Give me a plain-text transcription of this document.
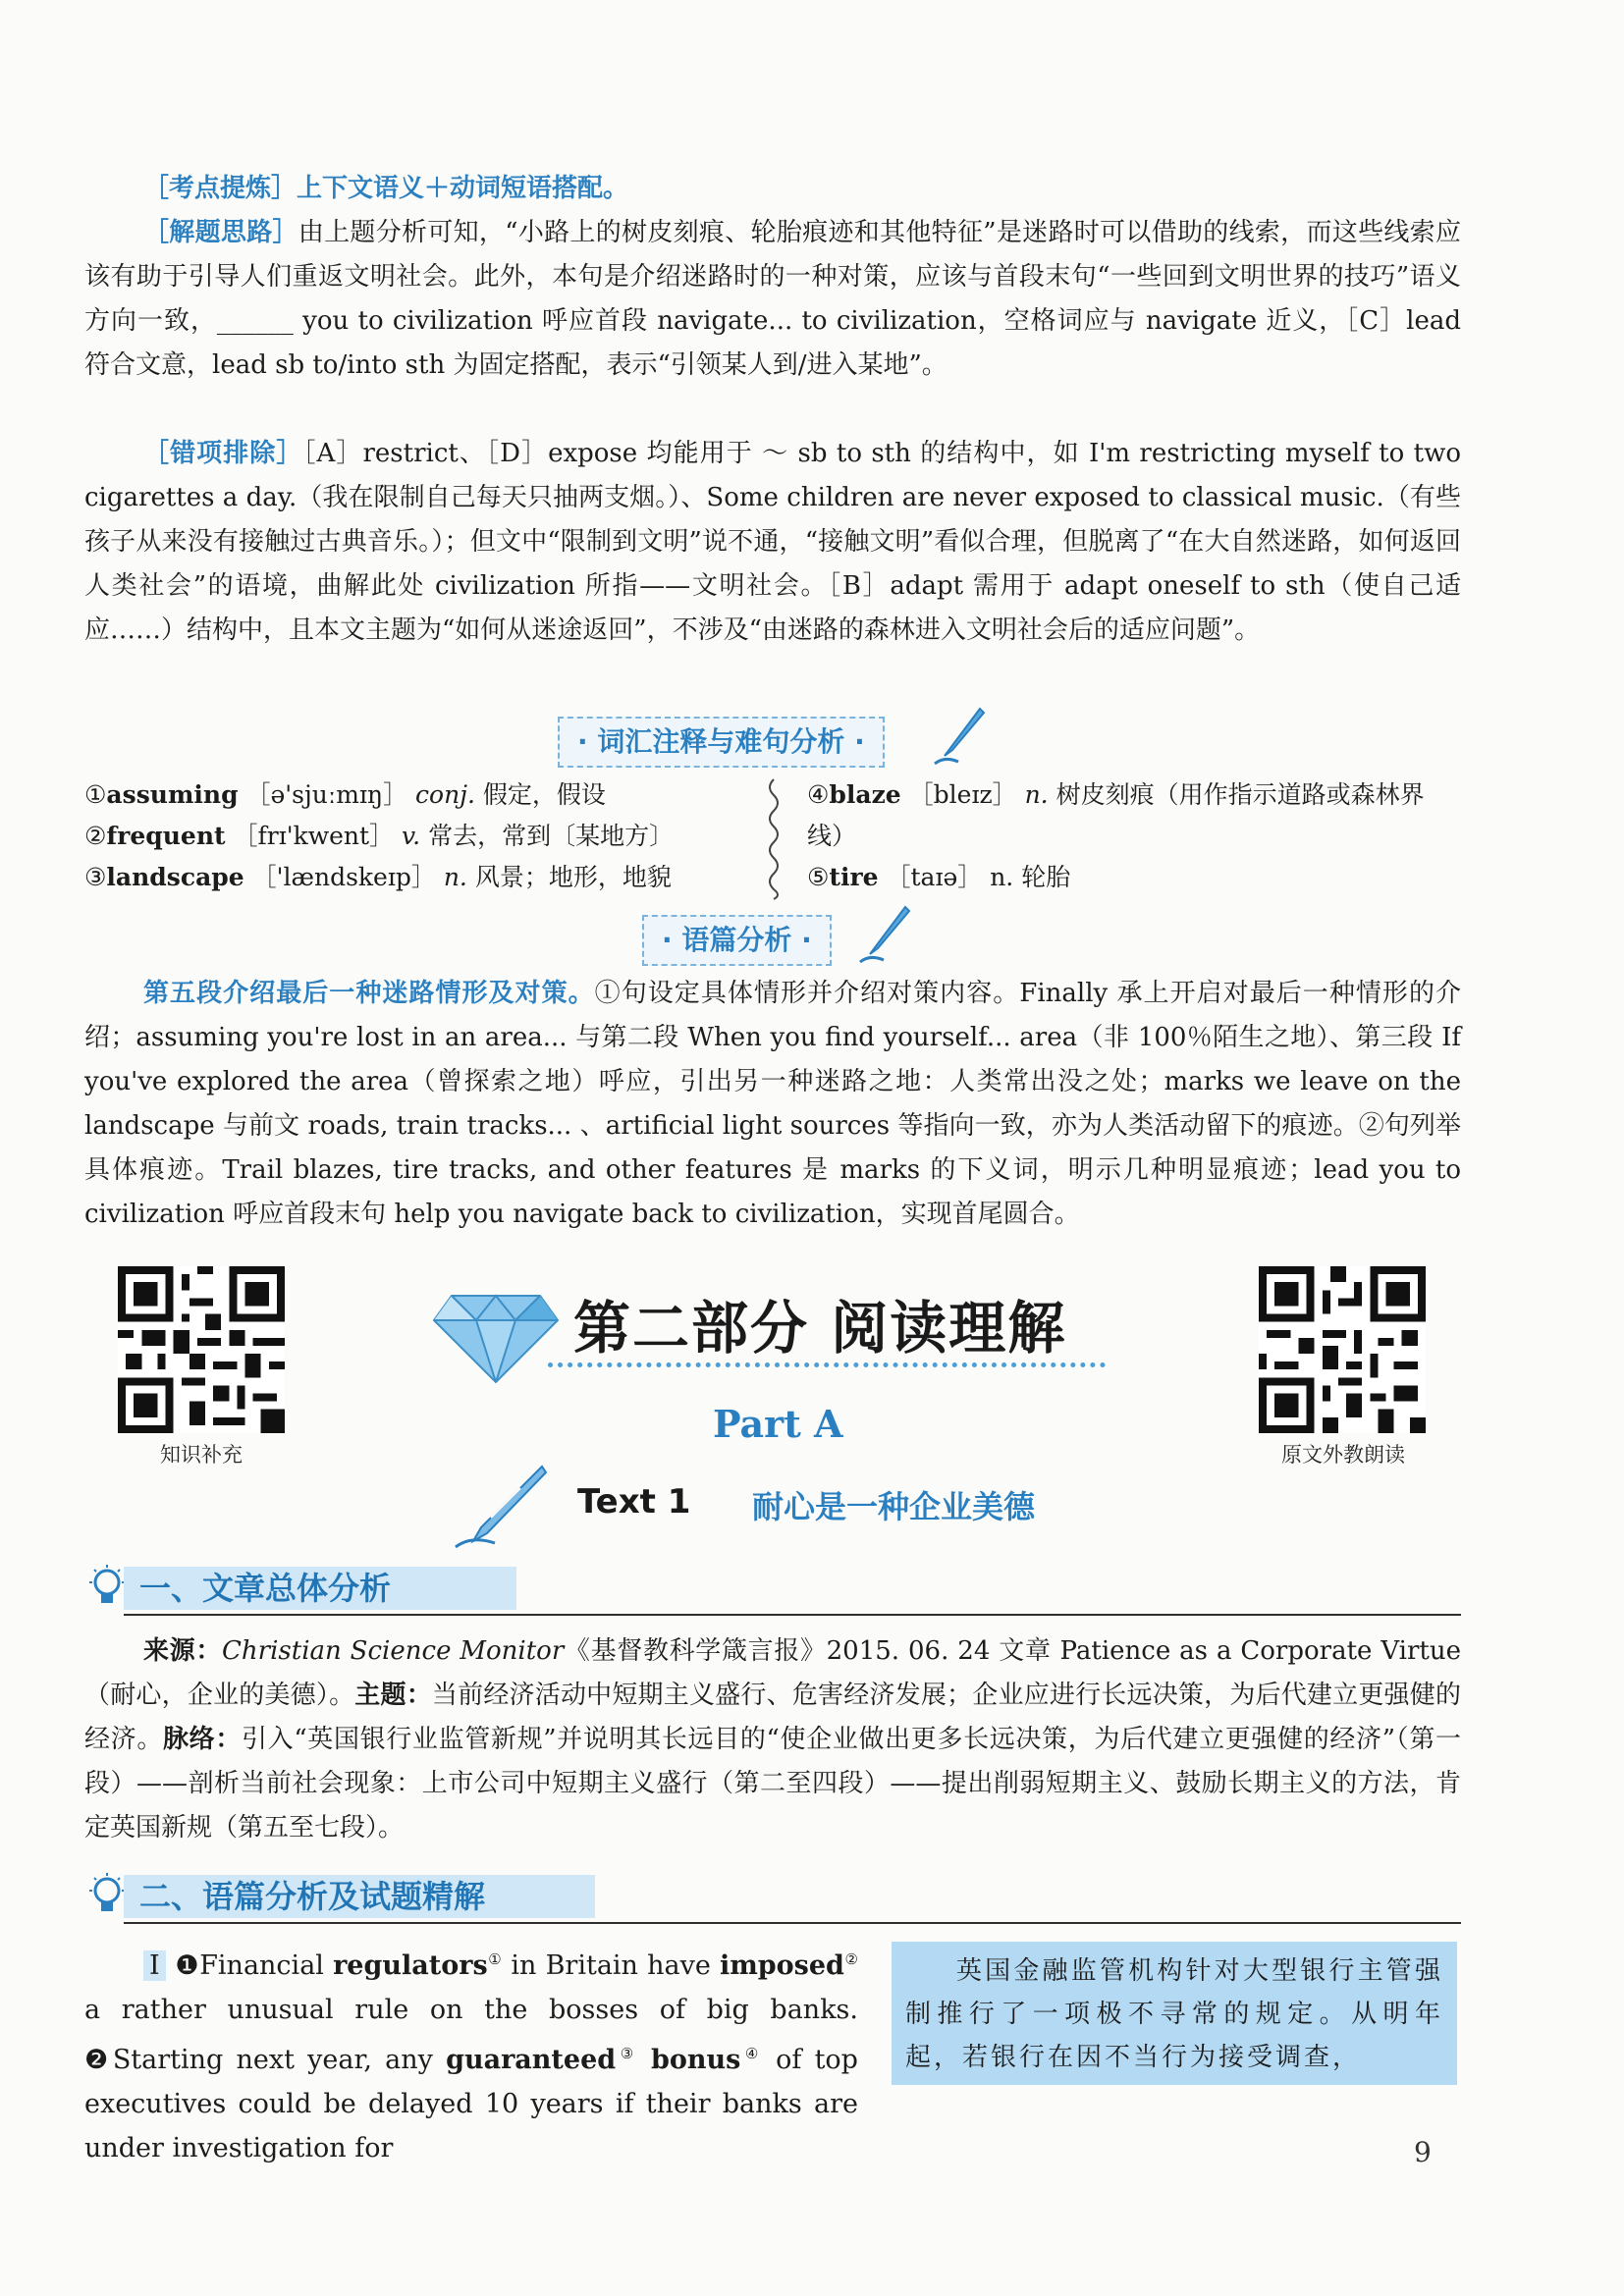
［考点提炼］上下文语义＋动词短语搭配。

［解题思路］由上题分析可知，“小路上的树皮刻痕、轮胎痕迹和其他特征”是迷路时可以借助的线索，而这些线索应该有助于引导人们重返文明社会。此外，本句是介绍迷路时的一种对策，应该与首段末句“一些回到文明世界的技巧”语义方向一致，______ you to civilization 呼应首段 navigate... to civilization，空格词应与 navigate 近义，［C］lead 符合文意，lead sb to/into sth 为固定搭配，表示“引领某人到/进入某地”。

［错项排除］［A］restrict、［D］expose 均能用于 ～ sb to sth 的结构中，如 I'm restricting myself to two cigarettes a day.（我在限制自己每天只抽两支烟。）、Some children are never exposed to classical music.（有些孩子从来没有接触过古典音乐。）；但文中“限制到文明”说不通，“接触文明”看似合理，但脱离了“在大自然迷路，如何返回人类社会”的语境，曲解此处 civilization 所指——文明社会。［B］adapt 需用于 adapt oneself to sth（使自己适应……）结构中，且本文主题为“如何从迷途返回”，不涉及“由迷路的森林进入文明社会后的适应问题”。

· 词汇注释与难句分析 ·
①assuming ［ə'sjuːmɪŋ］ conj. 假定，假设
②frequent ［frɪ'kwent］ v. 常去，常到〔某地方〕
③landscape ［'lændskeɪp］ n. 风景；地形，地貌
④blaze ［bleɪz］ n. 树皮刻痕（用作指示道路或森林界
线）
⑤tire ［taɪə］ n. 轮胎
· 语篇分析 ·

第五段介绍最后一种迷路情形及对策。①句设定具体情形并介绍对策内容。Finally 承上开启对最后一种情形的介绍；assuming you're lost in an area... 与第二段 When you find yourself... area（非 100％陌生之地）、第三段 If you've explored the area（曾探索之地）呼应，引出另一种迷路之地：人类常出没之处；marks we leave on the landscape 与前文 roads, train tracks... 、artificial light sources 等指向一致，亦为人类活动留下的痕迹。②句列举具体痕迹。Trail blazes, tire tracks, and other features 是 marks 的下义词，明示几种明显痕迹；lead you to civilization 呼应首段末句 help you navigate back to civilization，实现首尾圆合。

知识补充	原文外教朗读
第二部分 阅读理解
Part A
Text 1 耐心是一种企业美德
一、文章总体分析

来源：Christian Science Monitor《基督教科学箴言报》2015. 06. 24 文章 Patience as a Corporate Virtue（耐心，企业的美德）。主题：当前经济活动中短期主义盛行、危害经济发展；企业应进行长远决策，为后代建立更强健的经济。脉络：引入“英国银行业监管新规”并说明其长远目的“使企业做出更多长远决策，为后代建立更强健的经济”（第一段）——剖析当前社会现象：上市公司中短期主义盛行（第二至四段）——提出削弱短期主义、鼓励长期主义的方法，肯定英国新规（第五至七段）。

二、语篇分析及试题精解

Ⅰ ❶Financial regulators① in Britain have imposed② a rather unusual rule on the bosses of big banks. ❷Starting next year, any guaranteed③ bonus④ of top executives could be delayed 10 years if their banks are under investigation for

英国金融监管机构针对大型银行主管强制推行了一项极不寻常的规定。从明年起，若银行在因不当行为接受调查，
9
